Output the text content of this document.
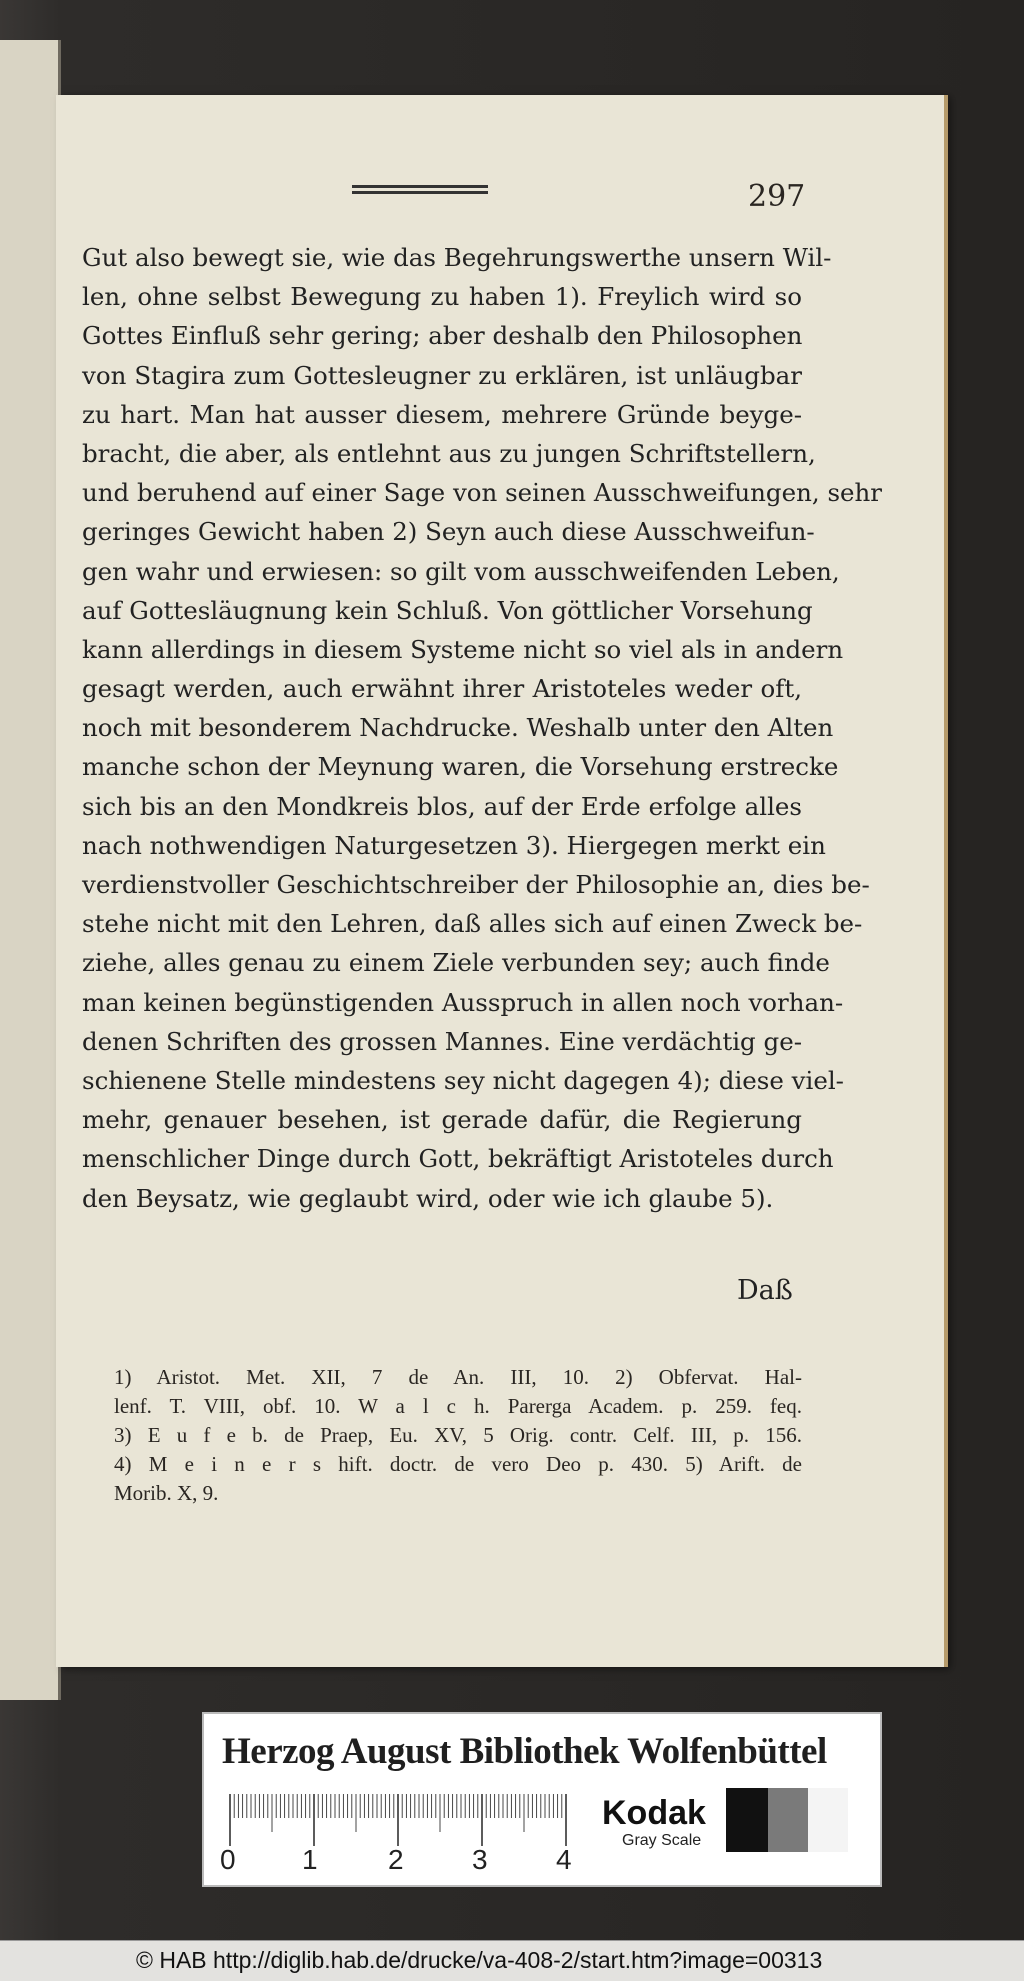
297
Gut also bewegt sie, wie das Begehrungswerthe unsern Wil-
len, ohne selbst Bewegung zu haben 1). Freylich wird so
Gottes Einfluß sehr gering; aber deshalb den Philosophen
von Stagira zum Gottesleugner zu erklären, ist unläugbar
zu hart. Man hat ausser diesem, mehrere Gründe beyge-
bracht, die aber, als entlehnt aus zu jungen Schriftstellern,
und beruhend auf einer Sage von seinen Ausschweifungen, sehr
geringes Gewicht haben 2) Seyn auch diese Ausschweifun-
gen wahr und erwiesen: so gilt vom ausschweifenden Leben,
auf Gottesläugnung kein Schluß. Von göttlicher Vorsehung
kann allerdings in diesem Systeme nicht so viel als in andern
gesagt werden, auch erwähnt ihrer Aristoteles weder oft,
noch mit besonderem Nachdrucke. Weshalb unter den Alten
manche schon der Meynung waren, die Vorsehung erstrecke
sich bis an den Mondkreis blos, auf der Erde erfolge alles
nach nothwendigen Naturgesetzen 3). Hiergegen merkt ein
verdienstvoller Geschichtschreiber der Philosophie an, dies be-
stehe nicht mit den Lehren, daß alles sich auf einen Zweck be-
ziehe, alles genau zu einem Ziele verbunden sey; auch finde
man keinen begünstigenden Ausspruch in allen noch vorhan-
denen Schriften des grossen Mannes. Eine verdächtig ge-
schienene Stelle mindestens sey nicht dagegen 4); diese viel-
mehr, genauer besehen, ist gerade dafür, die Regierung
menschlicher Dinge durch Gott, bekräftigt Aristoteles durch
den Beysatz, wie geglaubt wird, oder wie ich glaube 5).
Daß
1) Aristot. Met. XII, 7 de An. III, 10. 2) Obfervat. Hal-
lenf. T. VIII, obf. 10. W a l c h. Parerga Academ. p. 259. feq.
3) E u f e b. de Praep, Eu. XV, 5 Orig. contr. Celf. III, p. 156.
4) M e i n e r s hift. doctr. de vero Deo p. 430. 5) Arift. de
Morib. X, 9.
Herzog August Bibliothek Wolfenbüttel
0 1	2 3 4
Kodak
Gray Scale
© HAB http://diglib.hab.de/drucke/va-408-2/start.htm?image=00313
